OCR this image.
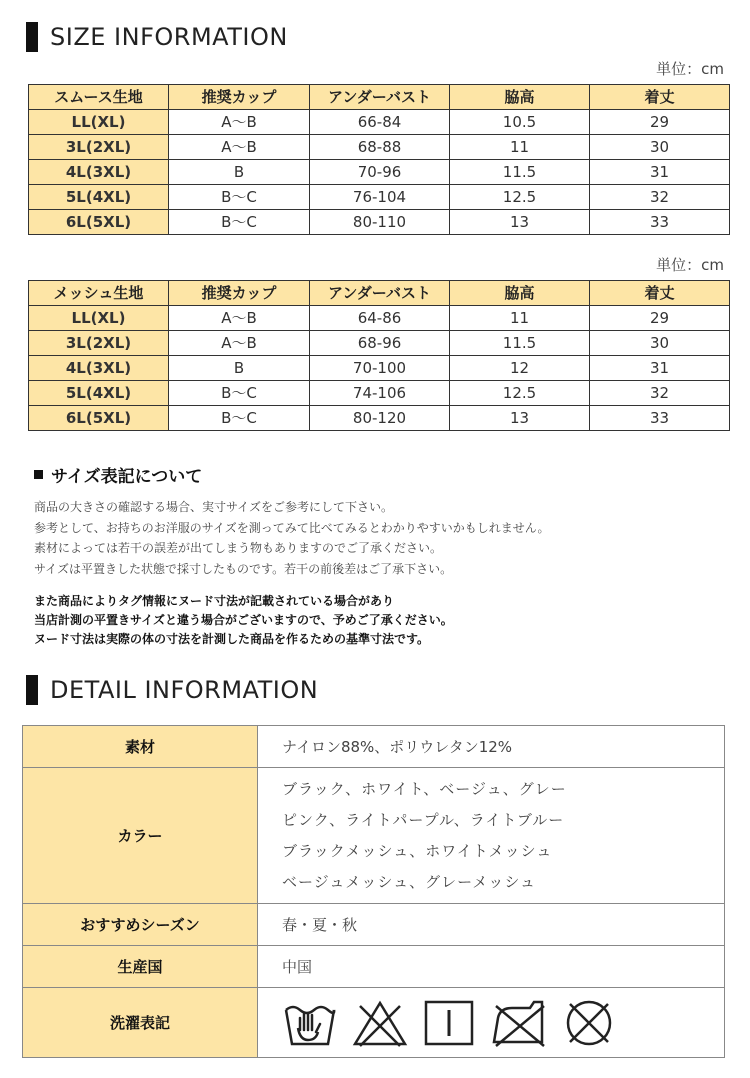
SIZE INFORMATION
単位：cm
スムース生地	推奨カップ	アンダーバスト	脇高	着丈
LL(XL)	A～B	66-84	10.5	29
3L(2XL)	A～B	68-88	11	30
4L(3XL)	B	70-96	11.5	31
5L(4XL)	B～C	76-104	12.5	32
6L(5XL)	B～C	80-110	13	33
単位：cm
メッシュ生地	推奨カップ	アンダーバスト	脇高	着丈
LL(XL)	A～B	64-86	11	29
3L(2XL)	A～B	68-96	11.5	30
4L(3XL)	B	70-100	12	31
5L(4XL)	B～C	74-106	12.5	32
6L(5XL)	B～C	80-120	13	33
サイズ表記について
商品の大きさの確認する場合、実寸サイズをご参考にして下さい。
参考として、お持ちのお洋服のサイズを測ってみて比べてみるとわかりやすいかもしれません。
素材によっては若干の誤差が出てしまう物もありますのでご了承ください。
サイズは平置きした状態で採寸したものです。若干の前後差はご了承下さい。
また商品によりタグ情報にヌード寸法が記載されている場合があり
当店計測の平置きサイズと違う場合がございますので、予めご了承ください。
ヌード寸法は実際の体の寸法を計測した商品を作るための基準寸法です。
DETAIL INFORMATION
素材	ナイロン88%、ポリウレタン12%
カラー	ブラック、ホワイト、ベージュ、グレー
ピンク、ライトパープル、ライトブルー
ブラックメッシュ、ホワイトメッシュ
ベージュメッシュ、グレーメッシュ

おすすめシーズン	春・夏・秋
生産国	中国
洗濯表記	
